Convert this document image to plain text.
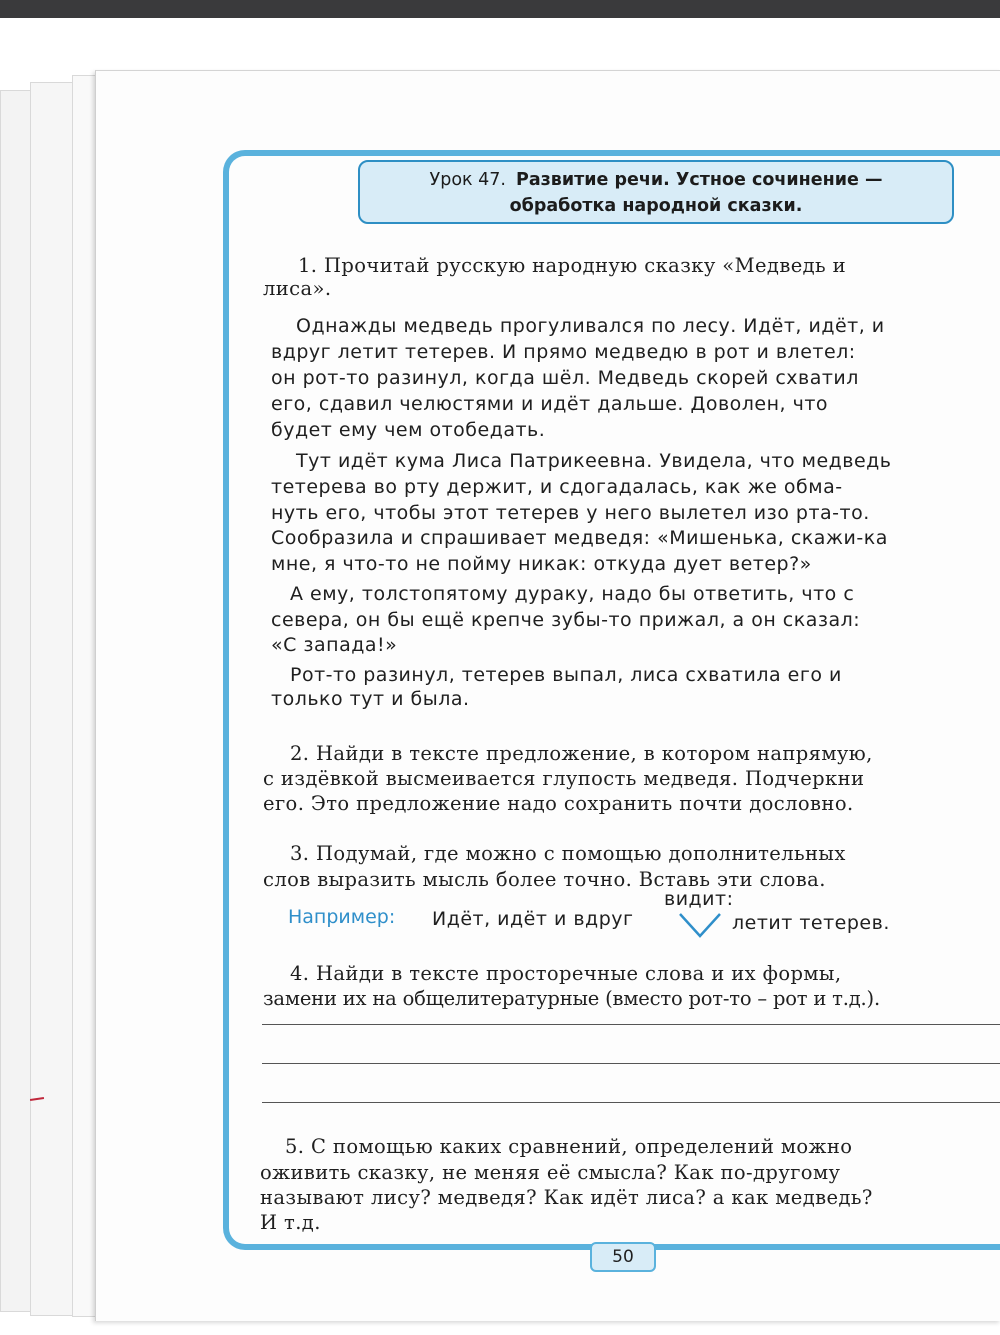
Урок 47. Развитие речи. Устное сочинение —
обработка народной сказки.
1. Прочитай русскую народную сказку «Медведь и
лиса».
Однажды медведь прогуливался по лесу. Идёт, идёт, и
вдруг летит тетерев. И прямо медведю в рот и влетел:
он рот-то разинул, когда шёл. Медведь скорей схватил
его, сдавил челюстями и идёт дальше. Доволен, что
будет ему чем отобедать.
Тут идёт кума Лиса Патрикеевна. Увидела, что медведь
тетерева во рту держит, и сдогадалась, как же обма-
нуть его, чтобы этот тетерев у него вылетел изо рта-то.
Сообразила и спрашивает медведя: «Мишенька, скажи-ка
мне, я что-то не пойму никак: откуда дует ветер?»
А ему, толстопятому дураку, надо бы ответить, что с
севера, он бы ещё крепче зубы-то прижал, а он сказал:
«С запада!»
Рот-то разинул, тетерев выпал, лиса схватила его и
только тут и была.
2. Найди в тексте предложение, в котором напрямую,
с издёвкой высмеивается глупость медведя. Подчеркни
его. Это предложение надо сохранить почти дословно.
3. Подумай, где можно с помощью дополнительных
слов выразить мысль более точно. Вставь эти слова.
Например: Идёт, идёт и вдруг
видит:
летит тетерев.
4. Найди в тексте просторечные слова и их формы,
замени их на общелитературные (вместо рот-то – рот и т.д.).
5. С помощью каких сравнений, определений можно
оживить сказку, не меняя её смысла? Как по-другому
называют лису? медведя? Как идёт лиса? а как медведь?
И т.д.
50
